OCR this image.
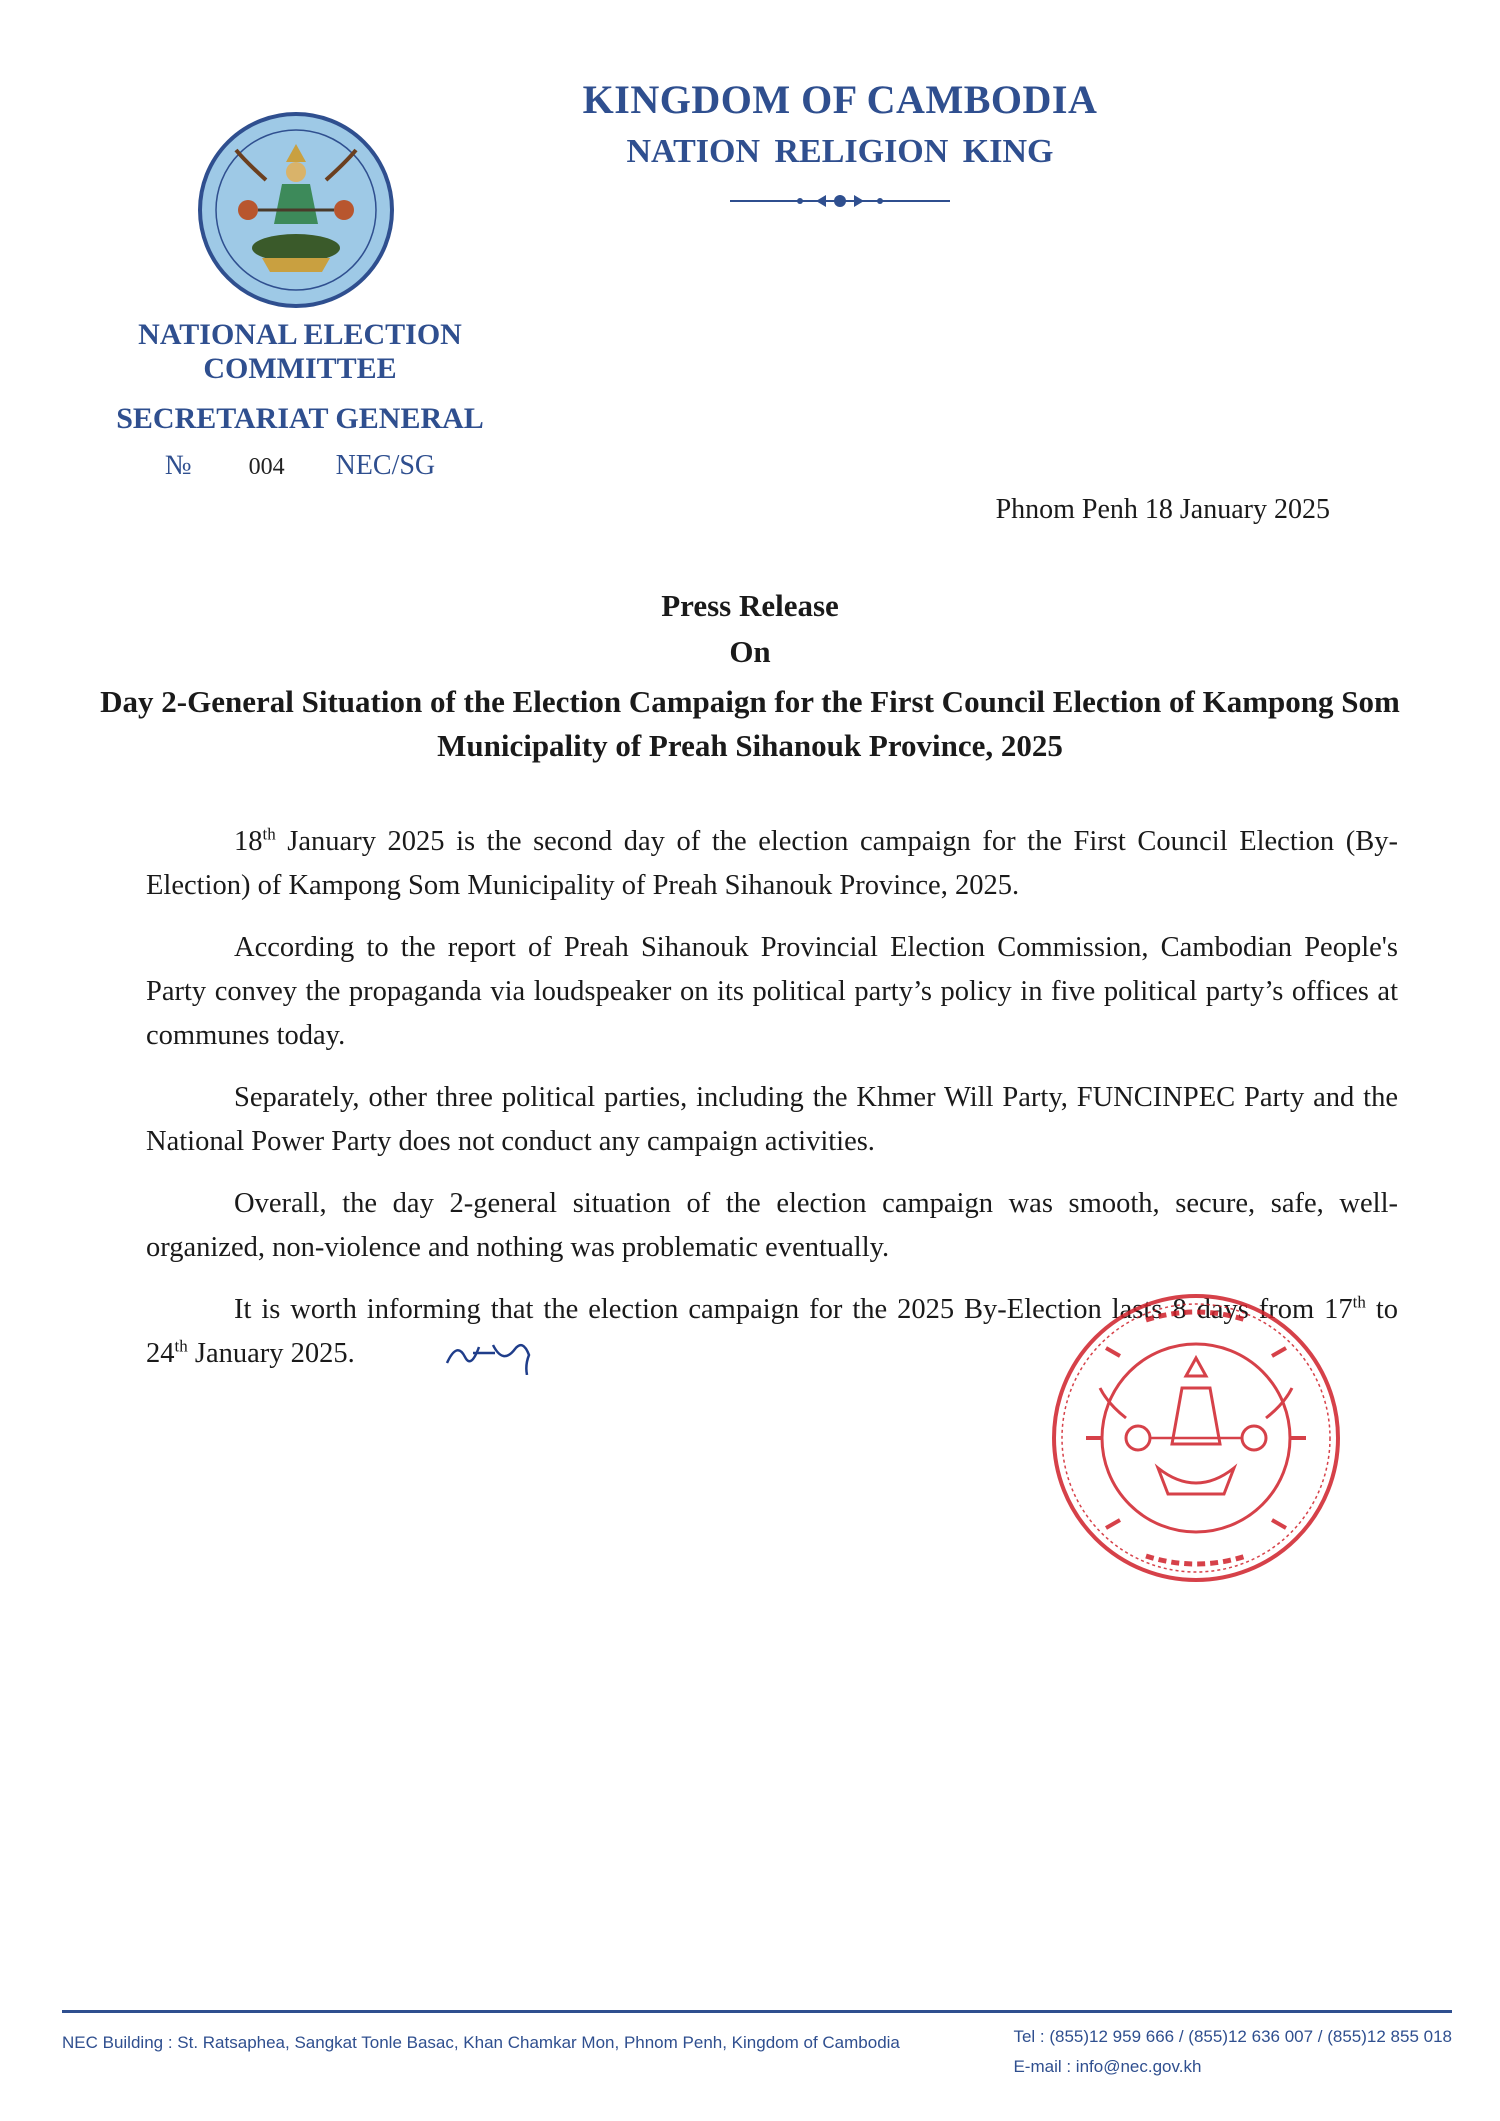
KINGDOM OF CAMBODIA
NATION RELIGION KING
NATIONAL ELECTION COMMITTEE
SECRETARIAT GENERAL
№ 004 NEC/SG
Phnom Penh 18 January 2025
Press Release
On
Day 2-General Situation of the Election Campaign for the First Council Election of Kampong Som Municipality of Preah Sihanouk Province, 2025

18th January 2025 is the second day of the election campaign for the First Council Election (By-Election) of Kampong Som Municipality of Preah Sihanouk Province, 2025.

According to the report of Preah Sihanouk Provincial Election Commission, Cambodian People's Party convey the propaganda via loudspeaker on its political party’s policy in five political party’s offices at communes today.

Separately, other three political parties, including the Khmer Will Party, FUNCINPEC Party and the National Power Party does not conduct any campaign activities.

Overall, the day 2-general situation of the election campaign was smooth, secure, safe, well-organized, non-violence and nothing was problematic eventually.

It is worth informing that the election campaign for the 2025 By-Election lasts 8 days from 17th to 24th January 2025.

NEC Building : St. Ratsaphea, Sangkat Tonle Basac, Khan Chamkar Mon, Phnom Penh, Kingdom of Cambodia	Tel : (855)12 959 666 / (855)12 636 007 / (855)12 855 018
E-mail : info@nec.gov.kh
